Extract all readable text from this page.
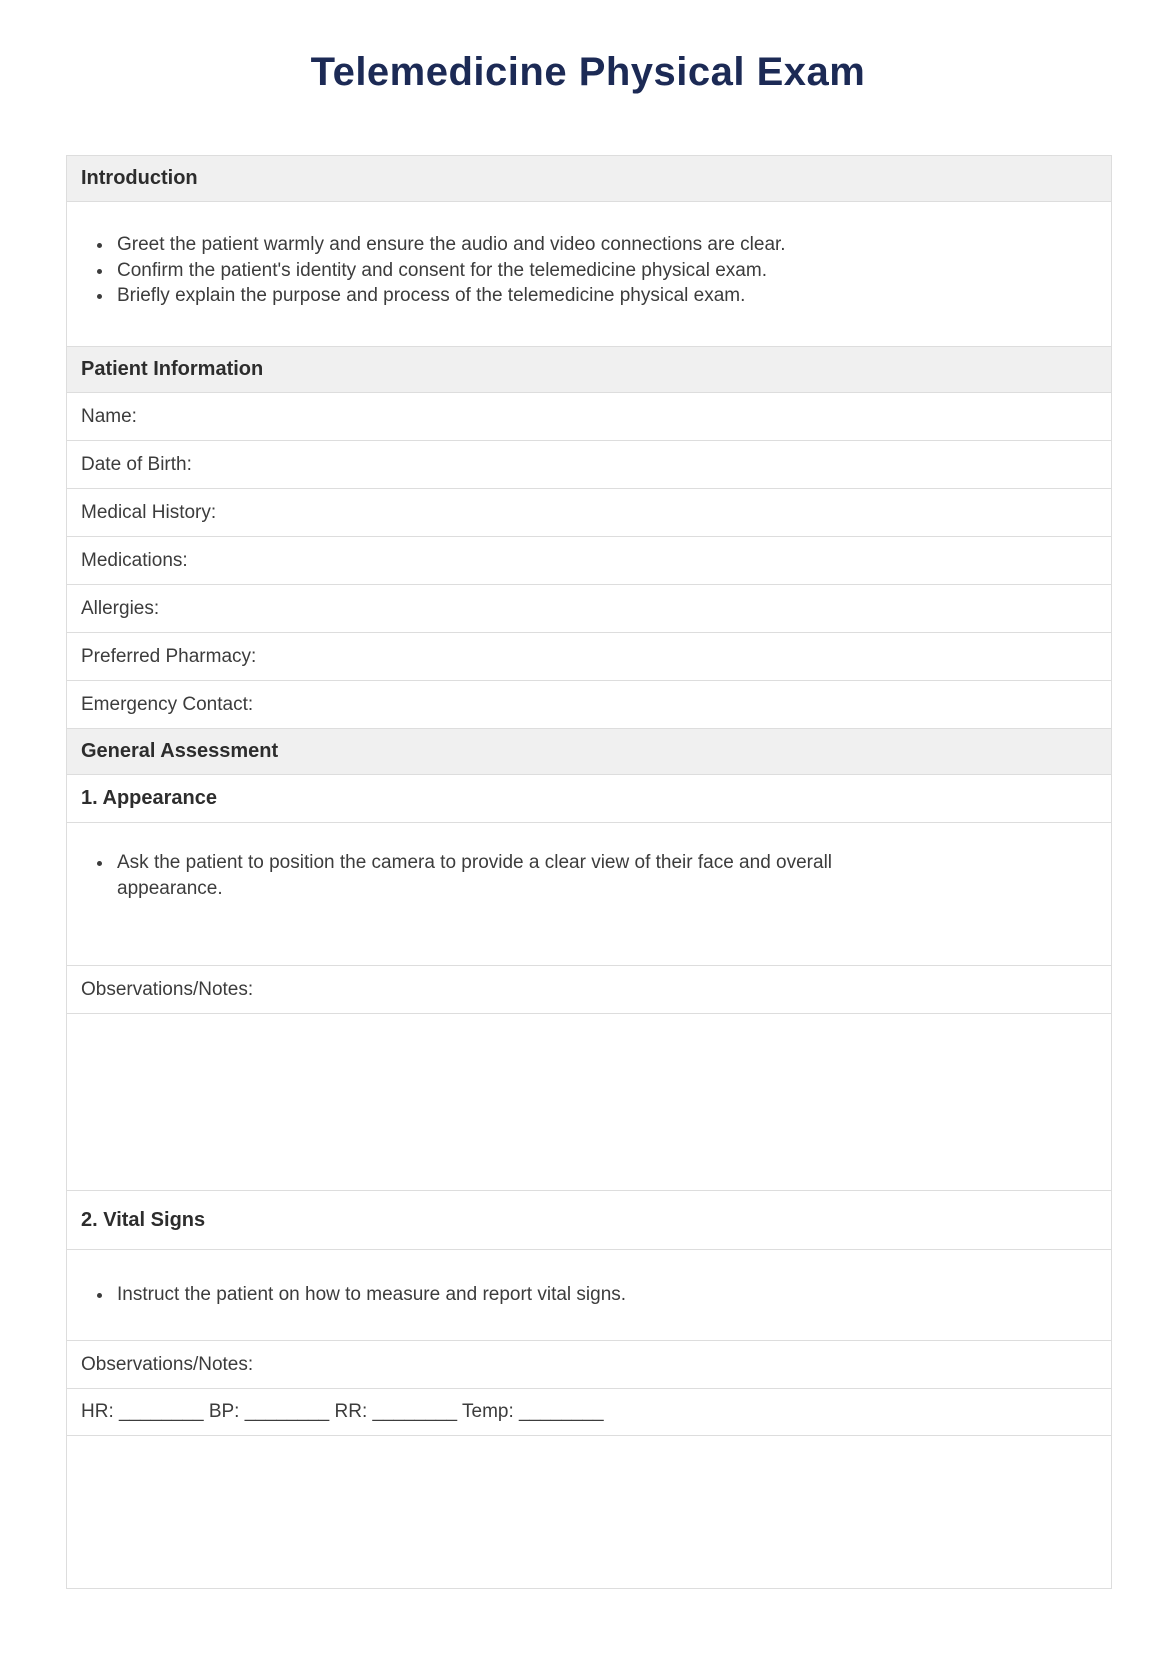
Telemedicine Physical Exam
Introduction
• Greet the patient warmly and ensure the audio and video connections are clear.
• Confirm the patient's identity and consent for the telemedicine physical exam.
• Briefly explain the purpose and process of the telemedicine physical exam.
Patient Information
Name:
Date of Birth:
Medical History:
Medications:
Allergies:
Preferred Pharmacy:
Emergency Contact:
General Assessment
1. Appearance
• Ask the patient to position the camera to provide a clear view of their face and overall appearance.
Observations/Notes:
2. Vital Signs
• Instruct the patient on how to measure and report vital signs.
Observations/Notes:
HR: ________ BP: ________ RR: ________ Temp: ________
